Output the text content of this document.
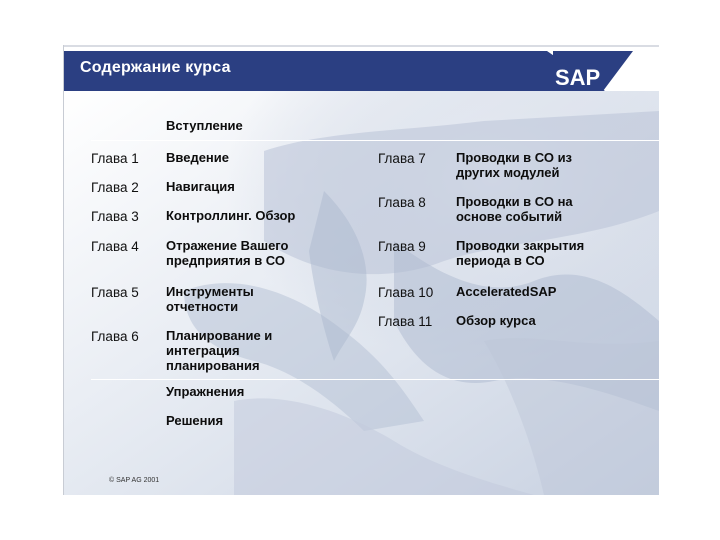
Содержание курса	SAP
Вступление
Глава 1 Введение
Глава 2 Навигация
Глава 3 Контроллинг. Обзор
Глава 4 Отражение Вашего
предприятия в СО
Глава 5 Инструменты
отчетности
Глава 6 Планирование и
интеграция
планирования
Глава 7 Проводки в СО из
других модулей
Глава 8 Проводки в СО на
основе событий
Глава 9 Проводки закрытия
периода в СО
Глава 10 AcceleratedSAP
Глава 11 Обзор курса
Упражнения
Решения
© SAP AG 2001
